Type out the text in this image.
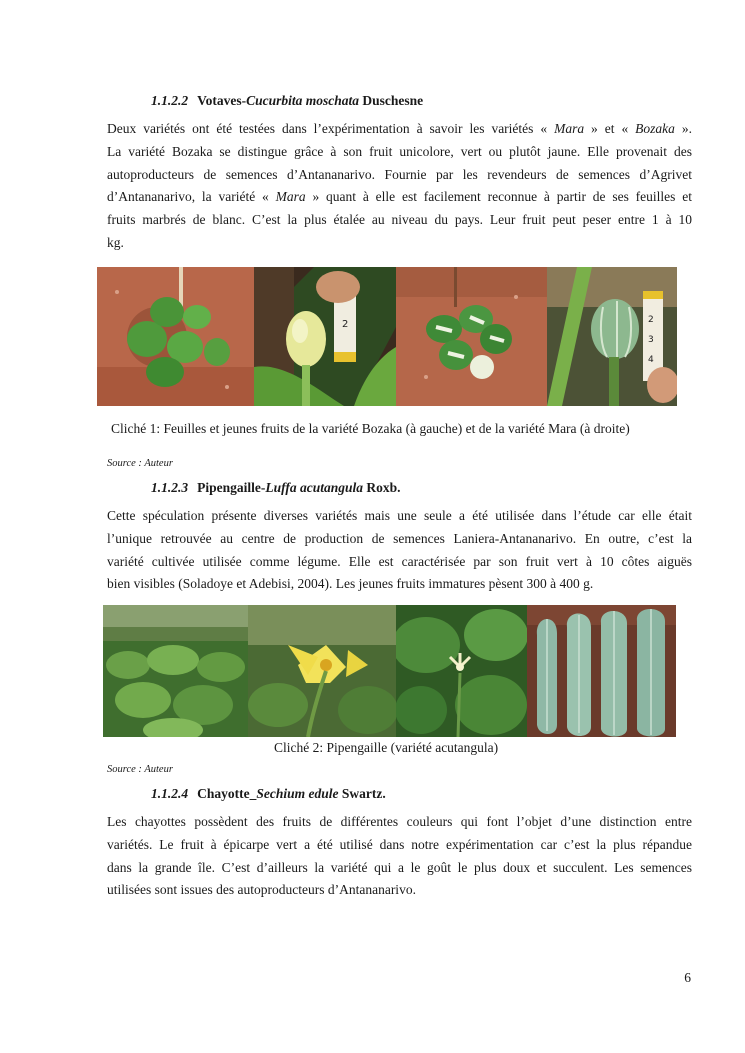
1.1.2.2 Votaves-Cucurbita moschata Duschesne
Deux variétés ont été testées dans l’expérimentation à savoir les variétés « Mara » et « Bozaka ».
La variété Bozaka se distingue grâce à son fruit unicolore, vert ou plutôt jaune. Elle provenait des
autoproducteurs de semences d’Antananarivo. Fournie par les revendeurs de semences d’Agrivet
d’Antananarivo, la variété « Mara » quant à elle est facilement reconnue à partir de ses feuilles et
fruits marbrés de blanc. C’est la plus étalée au niveau du pays. Leur fruit peut peser entre 1 à 10
kg.
2	2
3
4
Cliché 1: Feuilles et jeunes fruits de la variété Bozaka (à gauche) et de la variété Mara (à droite)
Source : Auteur
1.1.2.3 Pipengaille-Luffa acutangula Roxb.
Cette spéculation présente diverses variétés mais une seule a été utilisée dans l’étude car elle était
l’unique retrouvée au centre de production de semences Laniera-Antananarivo. En outre, c’est la
variété cultivée utilisée comme légume. Elle est caractérisée par son fruit vert à 10 côtes aiguës
bien visibles (Soladoye et Adebisi, 2004). Les jeunes fruits immatures pèsent 300 à 400 g.
Cliché 2: Pipengaille (variété acutangula)
Source : Auteur
1.1.2.4 Chayotte_Sechium edule Swartz.
Les chayottes possèdent des fruits de différentes couleurs qui font l’objet d’une distinction entre
variétés. Le fruit à épicarpe vert a été utilisé dans notre expérimentation car c’est la plus répandue
dans la grande île. C’est d’ailleurs la variété qui a le goût le plus doux et succulent. Les semences
utilisées sont issues des autoproducteurs d’Antananarivo.
6
